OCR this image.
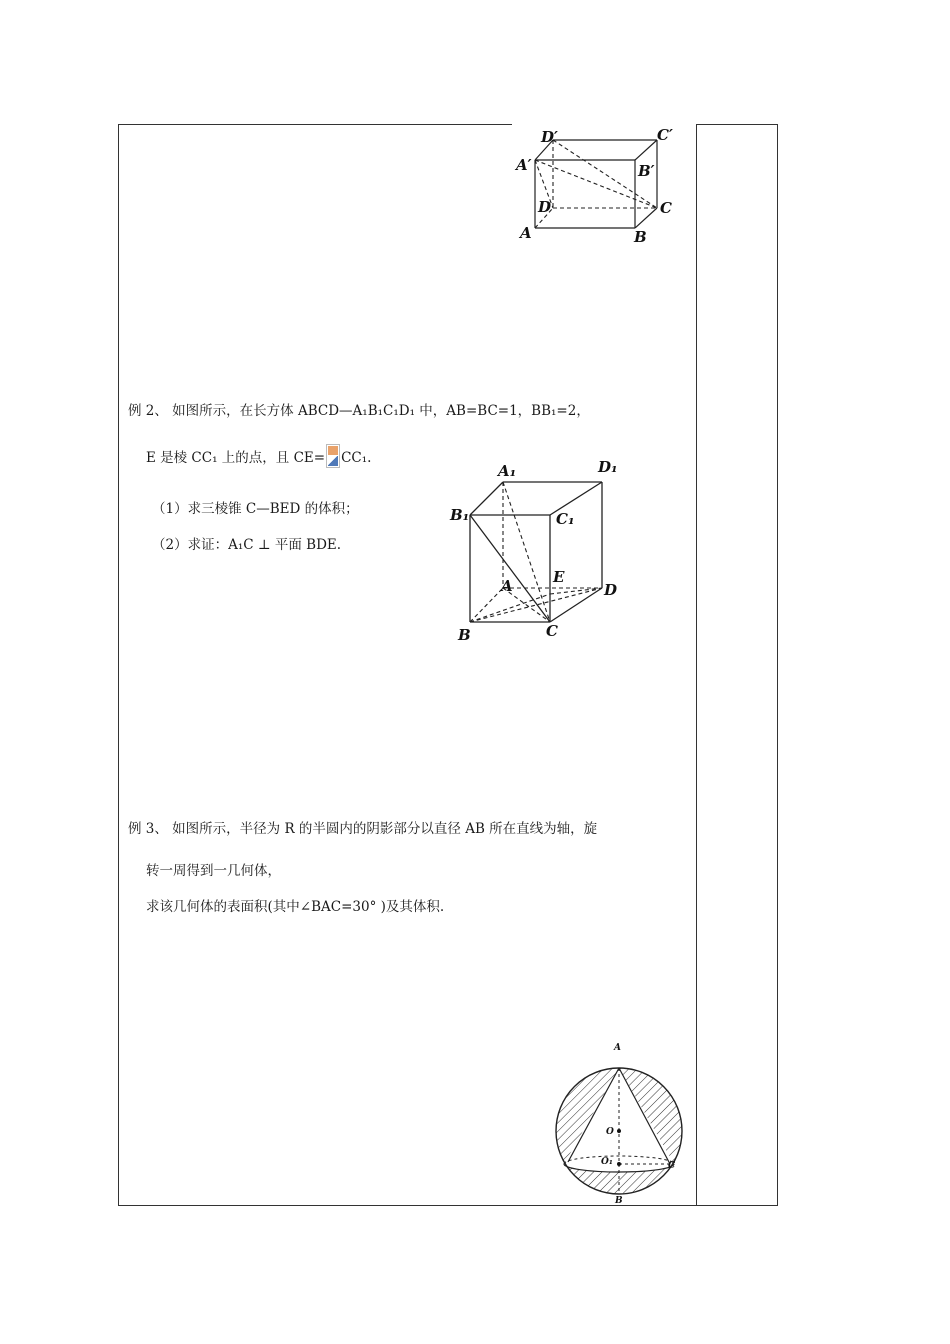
D′	C′
A′	B′
D	C
A	B
例 2、 如图所示，在长方体 ABCD—A₁B₁C₁D₁ 中，AB=BC=1，BB₁=2，
E 是棱 CC₁ 上的点，且 CE= CC₁.
（1）求三棱锥 C—BED 的体积；
（2）求证：A₁C ⊥ 平面 BDE.
A₁	D₁
B₁	C₁
A	E
D
B	C
例 3、 如图所示，半径为 R 的半圆内的阴影部分以直径 AB 所在直线为轴，旋
转一周得到一几何体，
求该几何体的表面积(其中∠BAC=30° )及其体积.
A
O
O₁	C
B
